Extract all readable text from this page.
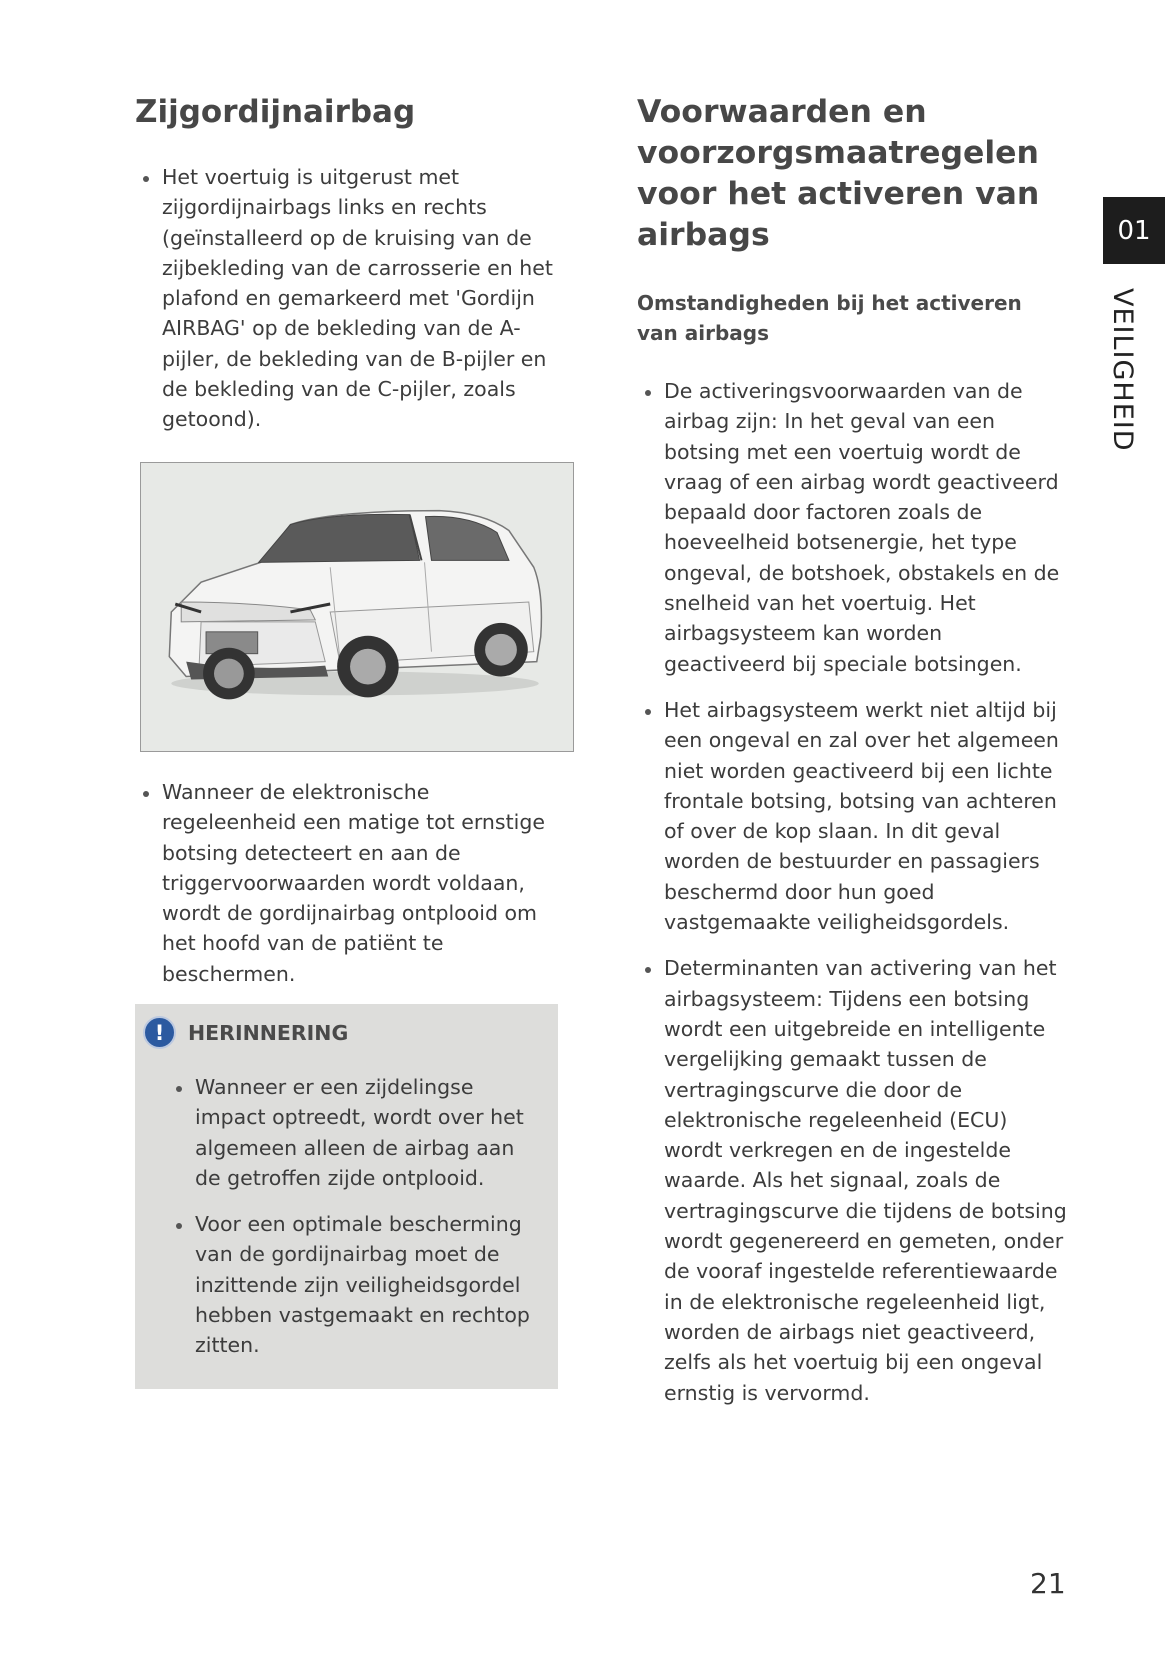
Zijgordijnairbag
Het voertuig is uitgerust met zijgordijnairbags links en rechts (geïnstalleerd op de kruising van de zijbekleding van de carrosserie en het plafond en gemarkeerd met 'Gordijn AIRBAG' op de bekleding van de A-pijler, de bekleding van de B-pijler en de bekleding van de C-pijler, zoals getoond).
Wanneer de elektronische regeleenheid een matige tot ernstige botsing detecteert en aan de triggervoorwaarden wordt voldaan, wordt de gordijnairbag ontplooid om het hoofd van de patiënt te beschermen.
!	HERINNERING
Wanneer er een zijdelingse impact optreedt, wordt over het algemeen alleen de airbag aan de getroffen zijde ontplooid.
Voor een optimale bescherming van de gordijnairbag moet de inzittende zijn veiligheidsgordel hebben vastgemaakt en rechtop zitten.
Voorwaarden en voorzorgsmaatregelen voor het activeren van airbags
Omstandigheden bij het activeren van airbags
De activeringsvoorwaarden van de airbag zijn: In het geval van een botsing met een voertuig wordt de vraag of een airbag wordt geactiveerd bepaald door factoren zoals de hoeveelheid botsenergie, het type ongeval, de botshoek, obstakels en de snelheid van het voertuig. Het airbagsysteem kan worden geactiveerd bij speciale botsingen.
Het airbagsysteem werkt niet altijd bij een ongeval en zal over het algemeen niet worden geactiveerd bij een lichte frontale botsing, botsing van achteren of over de kop slaan. In dit geval worden de bestuurder en passagiers beschermd door hun goed vastgemaakte veiligheidsgordels.
Determinanten van activering van het airbagsysteem: Tijdens een botsing wordt een uitgebreide en intelligente vergelijking gemaakt tussen de vertragingscurve die door de elektronische regeleenheid (ECU) wordt verkregen en de ingestelde waarde. Als het signaal, zoals de vertragingscurve die tijdens de botsing wordt gegenereerd en gemeten, onder de vooraf ingestelde referentiewaarde in de elektronische regeleenheid ligt, worden de airbags niet geactiveerd, zelfs als het voertuig bij een ongeval ernstig is vervormd.
01
VEILIGHEID
21
